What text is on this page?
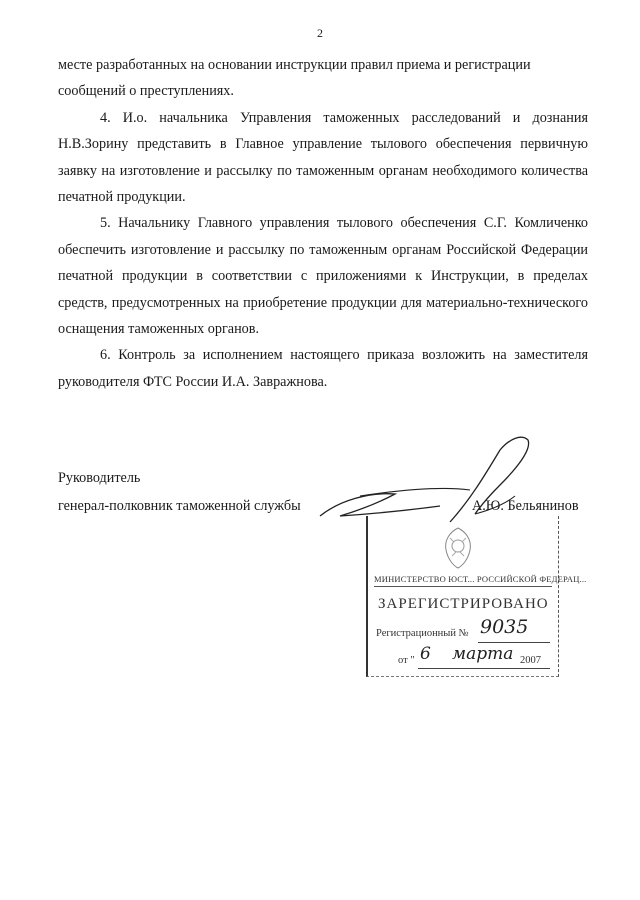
2

месте разработанных на основании инструкции правил приема и регистрации
сообщений о преступлениях.

4. И.о. начальника Управления таможенных расследований и дознания Н.В.Зорину представить в Главное управление тылового обеспечения первичную заявку на изготовление и рассылку по таможенным органам необходимого количества печатной продукции.

5. Начальнику Главного управления тылового обеспечения С.Г. Комличенко обеспечить изготовление и рассылку по таможенным органам Российской Федерации печатной продукции в соответствии с приложениями к Инструкции, в пределах средств, предусмотренных на приобретение продукции для материально-технического оснащения таможенных органов.

6. Контроль за исполнением настоящего приказа возложить на заместителя руководителя ФТС России И.А. Завражнова.

Руководитель
генерал-полковник таможенной службы	А.Ю. Бельянинов
МИНИСТЕРСТВО ЮСТ... РОССИЙСКОЙ ФЕДЕРАЦ...
ЗАРЕГИСТРИРОВАНО
Регистрационный № 9035
от " 6 марта 2007
